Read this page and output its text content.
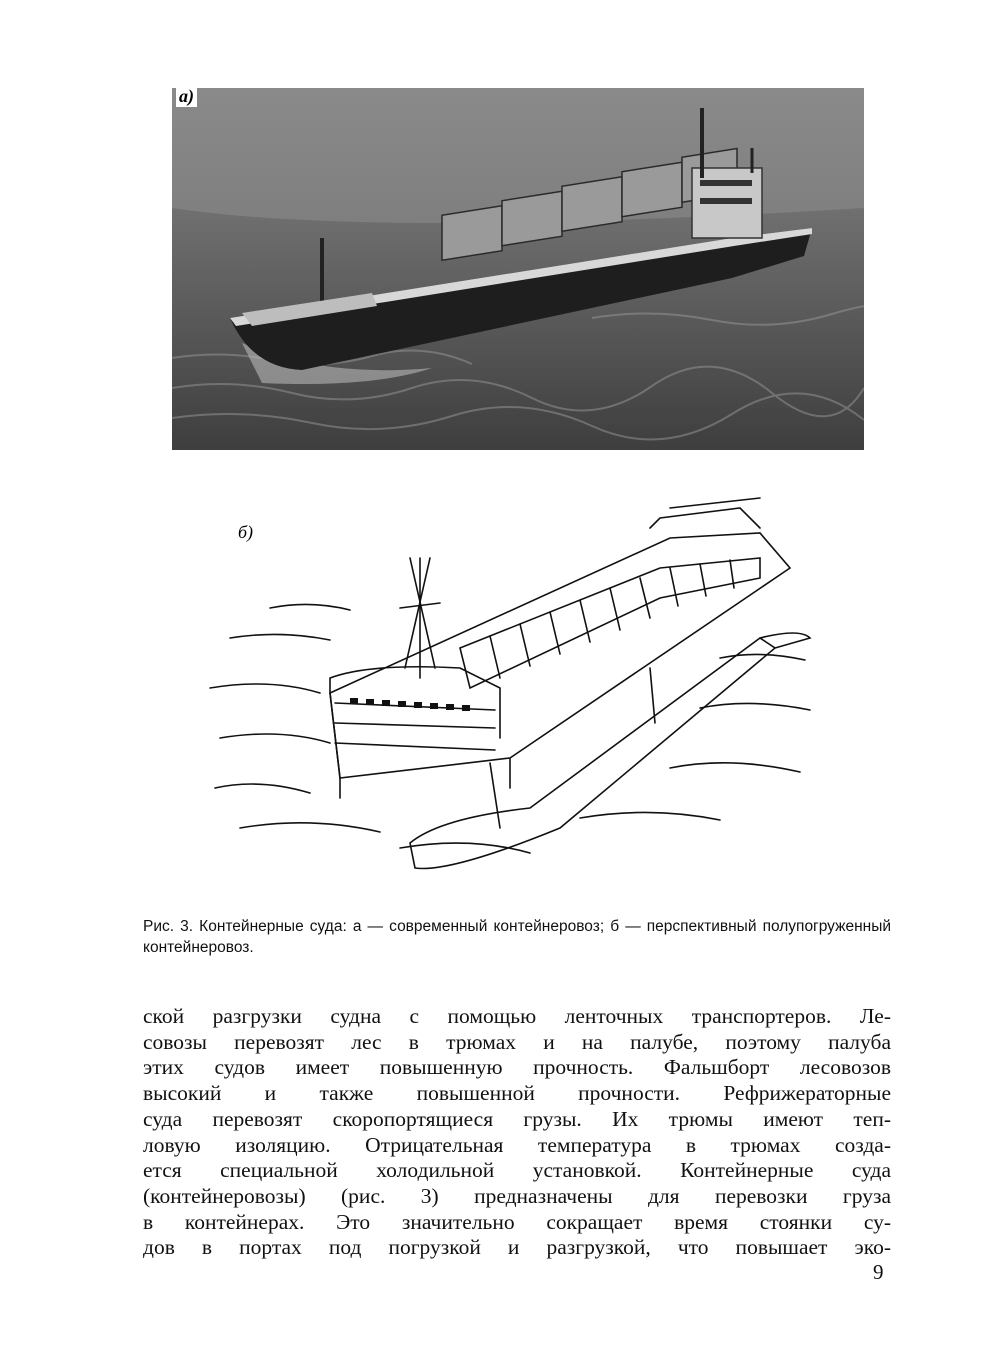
а)
б)

Рис. 3. Контейнерные суда: а — современный контейнеровоз; б — перспективный полупогруженный контейнеровоз.

ской разгрузки судна с помощью ленточных транспортеров. Ле-
совозы перевозят лес в трюмах и на палубе, поэтому палуба
этих судов имеет повышенную прочность. Фальшборт лесовозов
высокий и также повышенной прочности. Рефрижераторные
суда перевозят скоропортящиеся грузы. Их трюмы имеют теп-
ловую изоляцию. Отрицательная температура в трюмах созда-
ется специальной холодильной установкой. Контейнерные суда
(контейнеровозы) (рис. 3) предназначены для перевозки груза
в контейнерах. Это значительно сокращает время стоянки су-
дов в портах под погрузкой и разгрузкой, что повышает эко-
9
